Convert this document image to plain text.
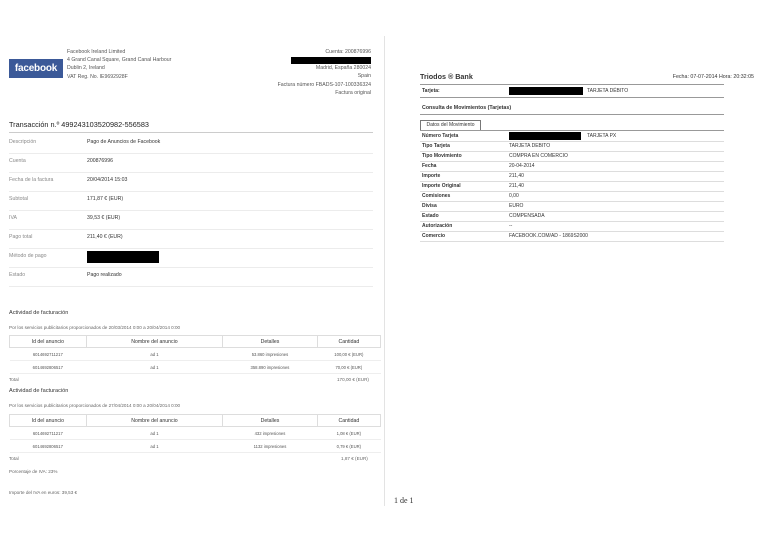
facebook
Facebook Ireland Limited
4 Grand Canal Square, Grand Canal Harbour
Dublin 2, Ireland
VAT Reg. No. IE9692928F
Cuenta: 200876996
Madrid, España 280024
Spain
Factura número FBADS-107-100336324
Factura original
Transacción n.º 499243103520982-556583
Descripción	Pago de Anuncios de Facebook
Cuenta	200876996
Fecha de la factura	20/04/2014 15:03
Subtotal	171,87 € (EUR)
IVA	39,53 € (EUR)
Pago total	211,40 € (EUR)
Método de pago
Estado	Pago realizado
Actividad de facturación
Por los servicios publicitarios proporcionados de 20/03/2014 0:00 a 20/04/2014 0:00
Id del anuncio	Nombre del anuncio	Detalles	Cantidad
6014692711217	ad 1	53.860 impresiones	100,00 € (EUR)
6014692806517	ad 1	358.890 impresiones	70,00 € (EUR)
Total	170,00 € (EUR)
Actividad de facturación
Por los servicios publicitarios proporcionados de 27/04/2014 0:00 a 20/04/2014 0:00
Id del anuncio	Nombre del anuncio	Detalles	Cantidad
6014692711217	ad 1	432 impresiones	1,08 € (EUR)
6014692806517	ad 1	1132 impresiones	0,79 € (EUR)
Total	1,87 € (EUR)
Porcentaje de IVA: 23%
Importe del IVA en euros: 39,53 €
Triodos ® Bank	Fecha: 07-07-2014 Hora: 20:32:05
Tarjeta:	TARJETA DÉBITO
Consulta de Movimientos (Tarjetas)
Datos del Movimiento
Número Tarjeta	TARJETA PX
Tipo Tarjeta	TARJETA DEBITO
Tipo Movimiento	COMPRA EN COMERCIO
Fecha	20-04-2014
Importe	211,40
Importe Original	211,40
Comisiones	0,00
Divisa	EURO
Estado	COMPENSADA
Autorización	--
Comercio	FACEBOOK.COM/AD - 1869S2000
1 de 1
